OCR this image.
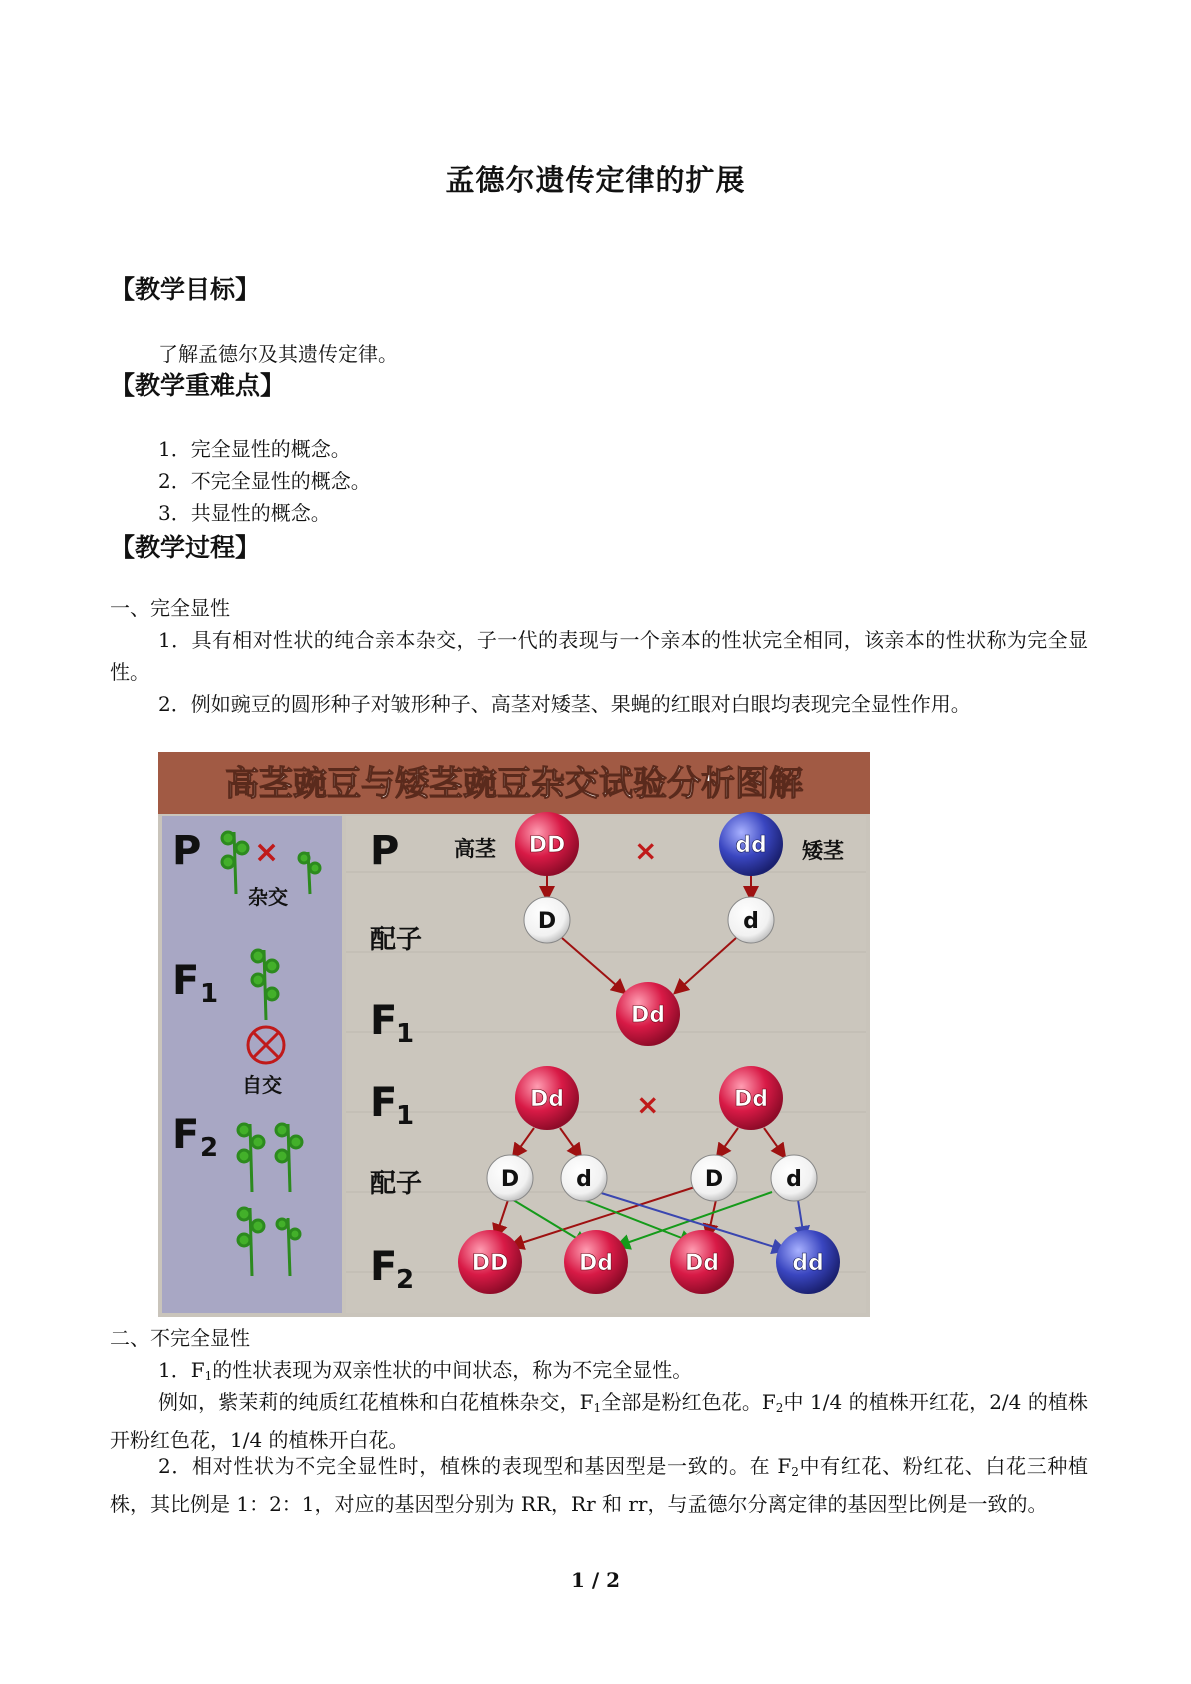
孟德尔遗传定律的扩展
【教学目标】
了解孟德尔及其遗传定律。
【教学重难点】
1．完全显性的概念。
2．不完全显性的概念。
3．共显性的概念。
【教学过程】
一、完全显性
1．具有相对性状的纯合亲本杂交，子一代的表现与一个亲本的性状完全相同，该亲本的性状称为完全显性。
2．例如豌豆的圆形种子对皱形种子、高茎对矮茎、果蝇的红眼对白眼均表现完全显性作用。
高茎豌豆与矮茎豌豆杂交试验分析图解
P ×
杂交
F 1
自交
F 2
P	高茎	矮茎
×
配子
F
1
F
1	×
配子
F
2
DD	dd
D	d
Dd
Dd	Dd
D	d	D	d
DD	Dd	Dd	dd
二、不完全显性
1．$F_1$的性状表现为双亲性状的中间状态，称为不完全显性。
例如，紫茉莉的纯质红花植株和白花植株杂交，$F_1$全部是粉红色花。$F_2$中 1/4 的植株开红花，2/4 的植株开粉红色花，1/4 的植株开白花。
2．相对性状为不完全显性时，植株的表现型和基因型是一致的。在 $F_2$中有红花、粉红花、白花三种植株，其比例是 1：2：1，对应的基因型分别为 RR，Rr 和 rr，与孟德尔分离定律的基因型比例是一致的。
1 / 2
